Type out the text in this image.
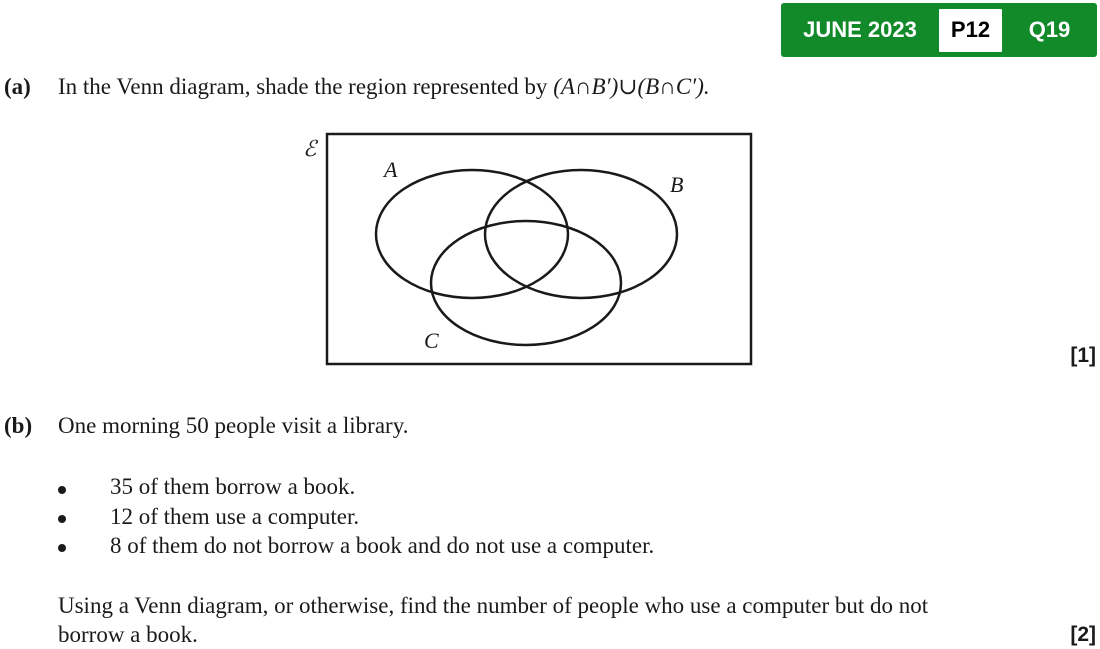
JUNE 2023	P12	Q19
(a) In the Venn diagram, shade the region represented by (A∩B′)∪(B∩C′).
ℰ
A
B
C
[1]
(b) One morning 50 people visit a library.
35 of them borrow a book.
12 of them use a computer.
8 of them do not borrow a book and do not use a computer.
Using a Venn diagram, or otherwise, find the number of people who use a computer but do not
borrow a book.	[2]
